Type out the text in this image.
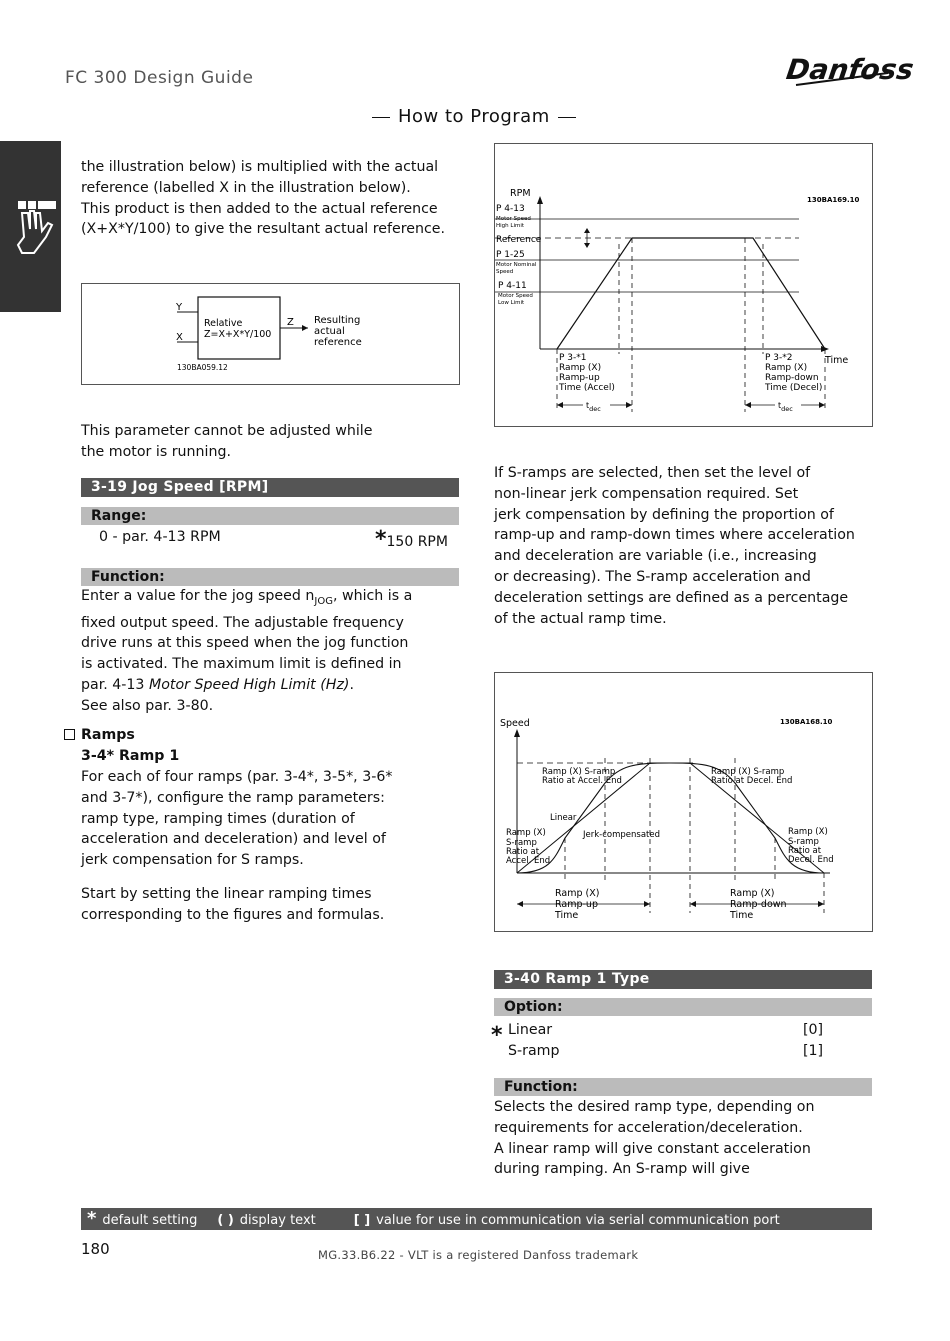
FC 300 Design Guide	Danfoss
How to Program
the illustration below) is multiplied with the actual
reference (labelled X in the illustration below).
This product is then added to the actual reference
(X+X*Y/100) to give the resultant actual reference.
Y
X
Z
Relative
Z=X+X*Y/100
Resulting
actual
reference
130BA059.12
This parameter cannot be adjusted while
the motor is running.
3-19 Jog Speed [RPM]
Range:
0 - par. 4-13 RPM	*150 RPM
Function:
Enter a value for the jog speed $n_{JOG}$, which is a
fixed output speed. The adjustable frequency
drive runs at this speed when the jog function
is activated. The maximum limit is defined in
par. 4-13 Motor Speed High Limit (Hz).
See also par. 3-80.
Ramps
3-4* Ramp 1
For each of four ramps (par. 3-4*, 3-5*, 3-6*
and 3-7*), configure the ramp parameters:
ramp type, ramping times (duration of
acceleration and deceleration) and level of
jerk compensation for S ramps.
Start by setting the linear ramping times
corresponding to the figures and formulas.
RPM
130BA169.10
P 4-13
Motor Speed
High Limit
Reference
P 1-25
Motor Nominal
Speed
P 4-11
Motor Speed
Low Limit
Time
P 3-*1
Ramp (X)
Ramp-up
Time (Accel)
P 3-*2
Ramp (X)
Ramp-down
Time (Decel)
$t_{dec}$	$t_{dec}$
If S-ramps are selected, then set the level of
non-linear jerk compensation required. Set
jerk compensation by defining the proportion of
ramp-up and ramp-down times where acceleration
and deceleration are variable (i.e., increasing
or decreasing). The S-ramp acceleration and
deceleration settings are defined as a percentage
of the actual ramp time.
Speed	130BA168.10
Ramp (X) S-ramp
Ratio at Accel. End
Ramp (X) S-ramp
Ratio at Decel. End
Linear
Jerk-compensated
Ramp (X)
S-ramp
Ratio at
Accel. End
Ramp (X)
S-ramp
Ratio at
Decel. End
Ramp (X)
Ramp-up
Time
Ramp (X)
Ramp-down
Time
3-40 Ramp 1 Type
Option:
* Linear	[0]
S-ramp	[1]
Function:
Selects the desired ramp type, depending on
requirements for acceleration/deceleration.
A linear ramp will give constant acceleration
during ramping. An S-ramp will give
* default setting ( ) display text	[ ] value for use in communication via serial communication port
180	MG.33.B6.22 - VLT is a registered Danfoss trademark
